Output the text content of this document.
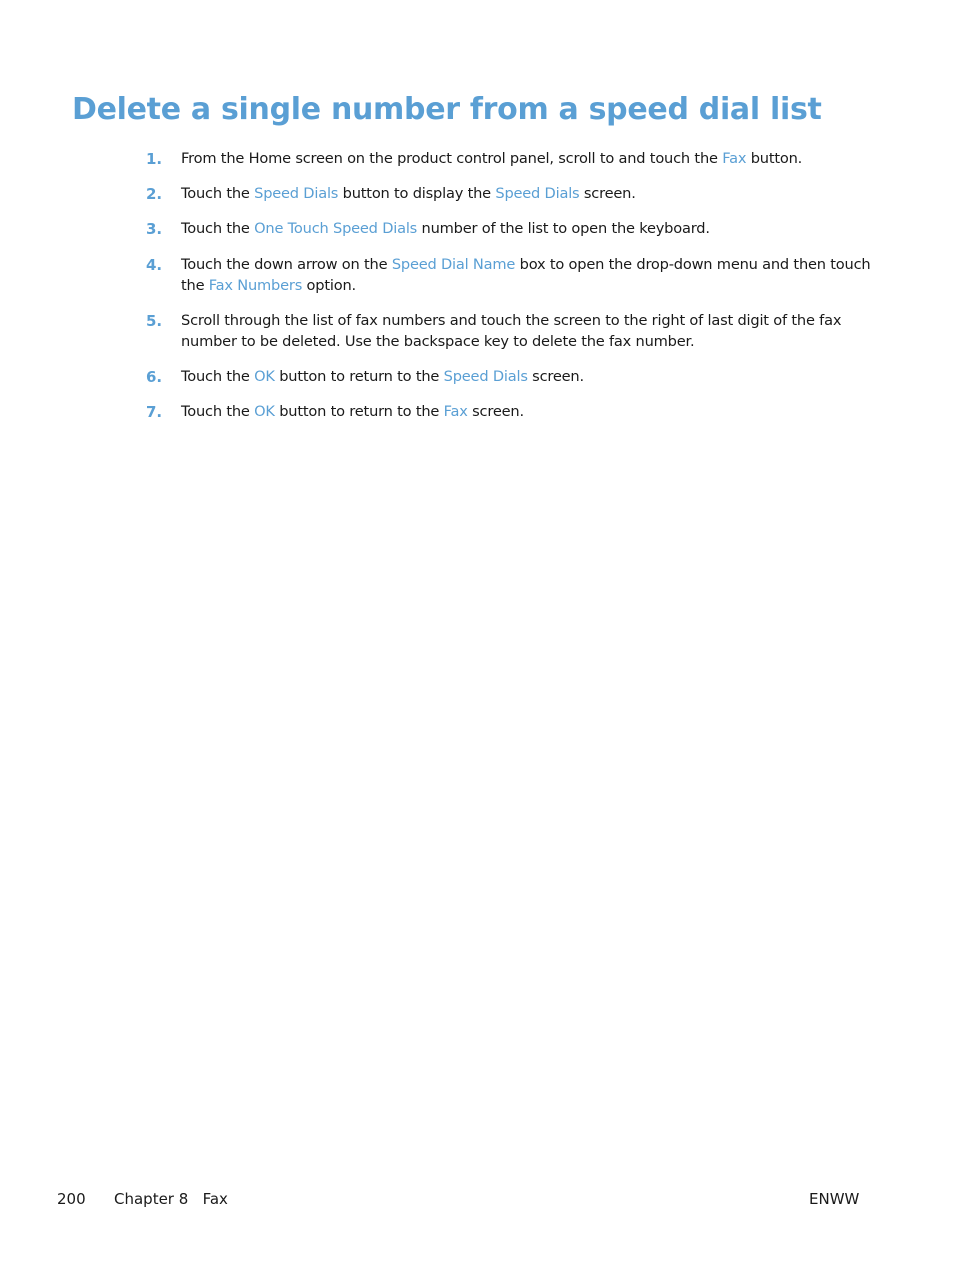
Delete a single number from a speed dial list
1. From the Home screen on the product control panel, scroll to and touch the Fax button.
2. Touch the Speed Dials button to display the Speed Dials screen.
3. Touch the One Touch Speed Dials number of the list to open the keyboard.
4. Touch the down arrow on the Speed Dial Name box to open the drop-down menu and then touch the Fax Numbers option.
5. Scroll through the list of fax numbers and touch the screen to the right of last digit of the fax number to be deleted. Use the backspace key to delete the fax number.
6. Touch the OK button to return to the Speed Dials screen.
7. Touch the OK button to return to the Fax screen.
200 Chapter 8   Fax	ENWW
